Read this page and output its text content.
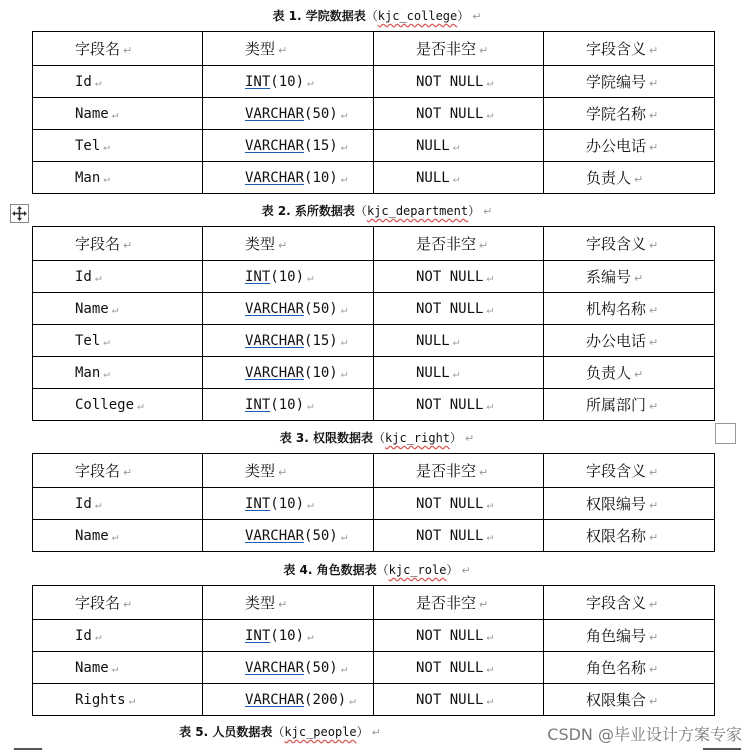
表 1. 学院数据表（kjc_college） ↵
字段名 ↵	类型 ↵	是否非空 ↵	字段含义 ↵
Id ↵	INT(10) ↵	NOT NULL ↵	学院编号 ↵
Name ↵	VARCHAR(50) ↵	NOT NULL ↵	学院名称 ↵
Tel ↵	VARCHAR(15) ↵	NULL ↵	办公电话 ↵
Man ↵	VARCHAR(10) ↵	NULL ↵	负责人 ↵
表 2. 系所数据表（kjc_department） ↵
字段名 ↵	类型 ↵	是否非空 ↵	字段含义 ↵
Id ↵	INT(10) ↵	NOT NULL ↵	系编号 ↵
Name ↵	VARCHAR(50) ↵	NOT NULL ↵	机构名称 ↵
Tel ↵	VARCHAR(15) ↵	NULL ↵	办公电话 ↵
Man ↵	VARCHAR(10) ↵	NULL ↵	负责人 ↵
College ↵	INT(10) ↵	NOT NULL ↵	所属部门 ↵
表 3. 权限数据表（kjc_right） ↵
字段名 ↵	类型 ↵	是否非空 ↵	字段含义 ↵
Id ↵	INT(10) ↵	NOT NULL ↵	权限编号 ↵
Name ↵	VARCHAR(50) ↵	NOT NULL ↵	权限名称 ↵
表 4. 角色数据表（kjc_role） ↵
字段名 ↵	类型 ↵	是否非空 ↵	字段含义 ↵
Id ↵	INT(10) ↵	NOT NULL ↵	角色编号 ↵
Name ↵	VARCHAR(50) ↵	NOT NULL ↵	角色名称 ↵
Rights ↵	VARCHAR(200) ↵	NOT NULL ↵	权限集合 ↵
表 5. 人员数据表（kjc_people） ↵	CSDN @毕业设计方案专家
